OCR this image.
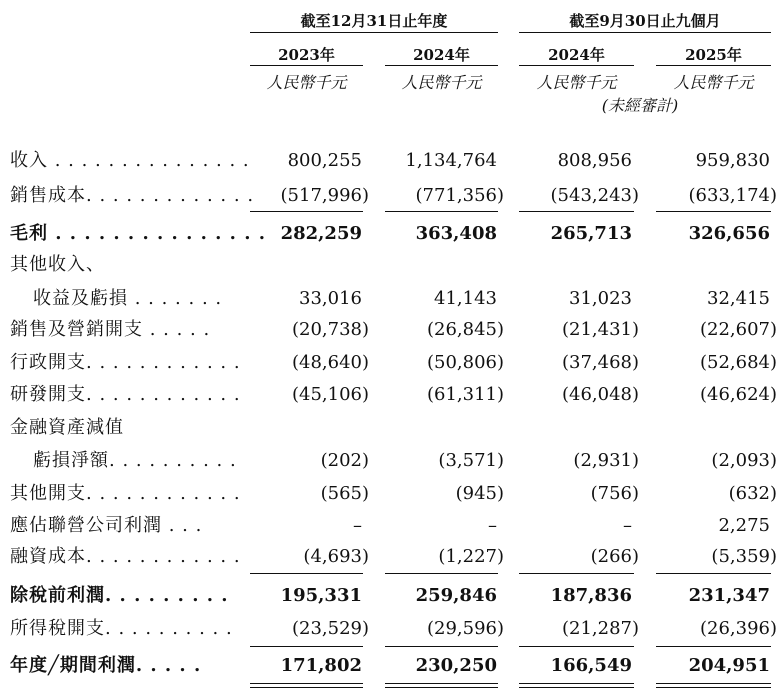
截至12月31日止年度	截至9月30日止九個月
2023年	2024年	2024年	2025年
人民幣千元	人民幣千元	人民幣千元	人民幣千元
(未經審計)
收入 . . . . . . . . . . . . . . .	800,255	1,134,764	808,956	959,830
銷售成本. . . . . . . . . . . . .	(517,996)	(771,356)	(543,243)	(633,174)
毛利 . . . . . . . . . . . . . . . 282,259	363,408	265,713	326,656
其他收入、
收益及虧損 . . . . . . .	33,016	41,143	31,023	32,415
銷售及營銷開支 . . . . .	(20,738)	(26,845)	(21,431)	(22,607)
行政開支. . . . . . . . . . . .	(48,640)	(50,806)	(37,468)	(52,684)
研發開支. . . . . . . . . . . .	(45,106)	(61,311)	(46,048)	(46,624)
金融資產減值
虧損淨額. . . . . . . . . .	(202)	(3,571)	(2,931)	(2,093)
其他開支. . . . . . . . . . . .	(565)	(945)	(756)	(632)
應佔聯營公司利潤 . . .	–	–	–	2,275
融資成本. . . . . . . . . . . .	(4,693)	(1,227)	(266)	(5,359)
除稅前利潤. . . . . . . . .	195,331	259,846	187,836	231,347
所得稅開支. . . . . . . . . .	(23,529)	(29,596)	(21,287)	(26,396)
年度╱期間利潤. . . . .	171,802	230,250	166,549	204,951
